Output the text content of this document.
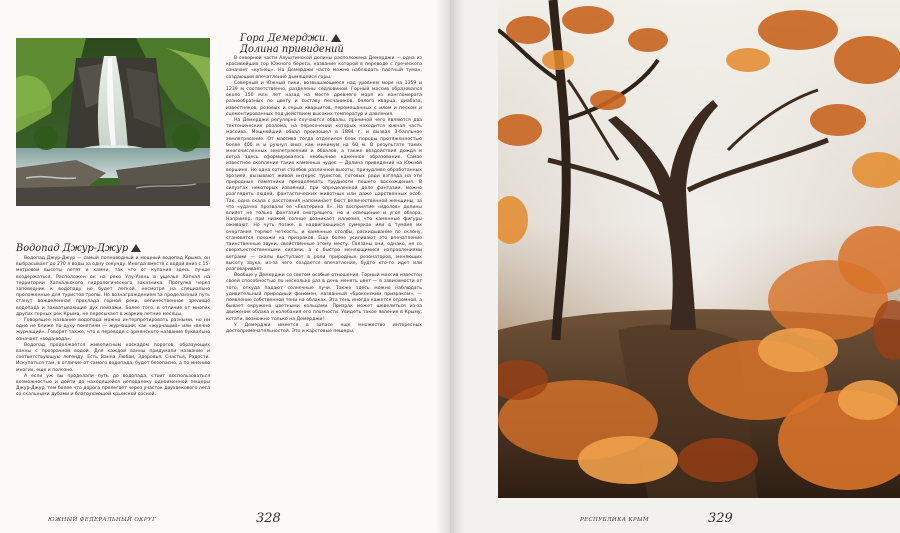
Водопад Джур-Джур

Водопад Джур-Джур — самый полноводный и мощный водопад Крыма, он выбрасывает до 270 л воды за одну секунду. Иногда вместе с водой вниз с 15-метровой высоты летят и камни, так что от купания здесь лучше воздержаться. Расположен он на реке Улу-Узень в ущелье Хапхал на территории Хапхальского гидрологического заказника. Прогулка через заповедник к водопаду не будет легкой, несмотря на специально проложенные для туристов тропы. Но вознаграждением за проделанный путь станут вожделенная прохлада горной реки, величественное зрелище водопада и захватывающие дух пейзажи. Более того, в отличие от многих других горных рек Крыма, не пересыхает в жаркие летние месяцы.

Говорящее название водопада можно интерпретировать разными, но ни одно не ближе по духу понятиям — журчащий, как «журчащий» или «вечно журчащий». Говорят также, что в переводе с армянского название буквально означает «вода-вода».

Водопад продолжается живописным каскадом порогов, образующих ванны с прозрачной водой. Для каждой ванны придумали название и соответствующую легенду. Есть Ванна Любви, Здоровья, Счастья, Радости. Искупаться там, в отличие от самого водопада, будет безопасно, а по мнению многих, еще и полезно.

А если уж вы проделали путь до водопада, стоит воспользоваться возможностью и дойти до находящейся неподалеку одноименной пещеры Джур-Джур, тем более что дорога пролегает через участок двухвекового леса со скальными дубами и благоухающей крымской сосной.

Гора Демерджи.
Долина привидений

В северной части Алуштинской долины расположена Демерджи — одна из красивейших гор Южного берега, название которой в переводе с греческого означает «кузнец». На Демерджи часто можно наблюдать плотный туман, создающий впечатление дымящейся горы.

Северный и Южный пики, возвышающиеся над уровнем моря на 1359 и 1239 м соответственно, разделены седловиной. Горный массив образовался около 150 млн лет назад на месте древнего моря из конгломерата разнообразных по цвету и составу песчаников, белого кварца, диабаза, известняков, розовых и серых кварцитов, перемешанных с илом и песком и сцементированных под действием высоких температур и давления.

На Демерджи регулярно случаются обвалы, причиной чего являются два тектонических разлома, на пересечении которых находится южная часть массива. Мощнейший обвал произошел в 1894 г. и вызвал 3-балльное землетрясение. От массива тогда отделился блок породы протяженностью более 400 м и рухнул вниз как минимум на 60 м. В результате таких многочисленных землетрясений и обвалов, а также воздействия дождя и ветра здесь сформировалось необычное каменное образование. Самое известное скопление таких каменных чудес — Долина приведений на Южной вершине. Не одна сотня столбов различной высоты, причудливо обработанных эрозией, вызывают живой интерес туристов, готовых ради взгляда на эти природные памятники преодолевать трудности пешего восхождения. В силуэтах некоторых изваяний, при определенной доле фантазии, можно разглядеть людей, фантастических животных или даже царственных особ. Так, одна скала с расстояния напоминает бюст величественной женщины, за что «удачно прозвали ее «Екатерина II». На восприятие «идолов» долины влияет не только фантазия смотрящего, но и освещение и угол обзора. Например, при низком солнце возникает иллюзия, что каменные фигуры оживают. Но чуть позже, в надвигающихся сумерках или в тумане их очертания теряют четкость, и каменные столбы, раскидывание по склону, становятся похожи на призраков. Еще более усиливают это впечатление таинственные звуки, свойственные этому месту. Связаны они, однако, не со сверхъестественными силами, а с быстро меняющимися направлениями ветрами — скалы выступают в роли природных резонаторов, меняющих высоту звука, из-за чего создается впечатление, будто кто-то идет или разговаривает.

Вообще у Демерджи со светом особые отношения. Горный массив известен своей способностью по несколько раз в день менять цвет — в зависимости от того, откуда падают солнечные лучи. Также здесь можно наблюдать удивительный природный феномен, названный «брокенским призраком», — появление собственной тени на облаках. Эта тень иногда кажется огромной, а бывает окружена цветными кольцами. Призрак может шевелиться из-за движения облака и колебания его плотности. Увидеть такое явление в Крыму, кстати, возможно только на Демерджи!

У Демерджи имеется в запасе еще множество интересных достопримечательностей. Это и карстовые пещеры,

ЮЖНЫЙ ФЕДЕРАЛЬНЫЙ ОКРУГ	328	РЕСПУБЛИКА КРЫМ	329
